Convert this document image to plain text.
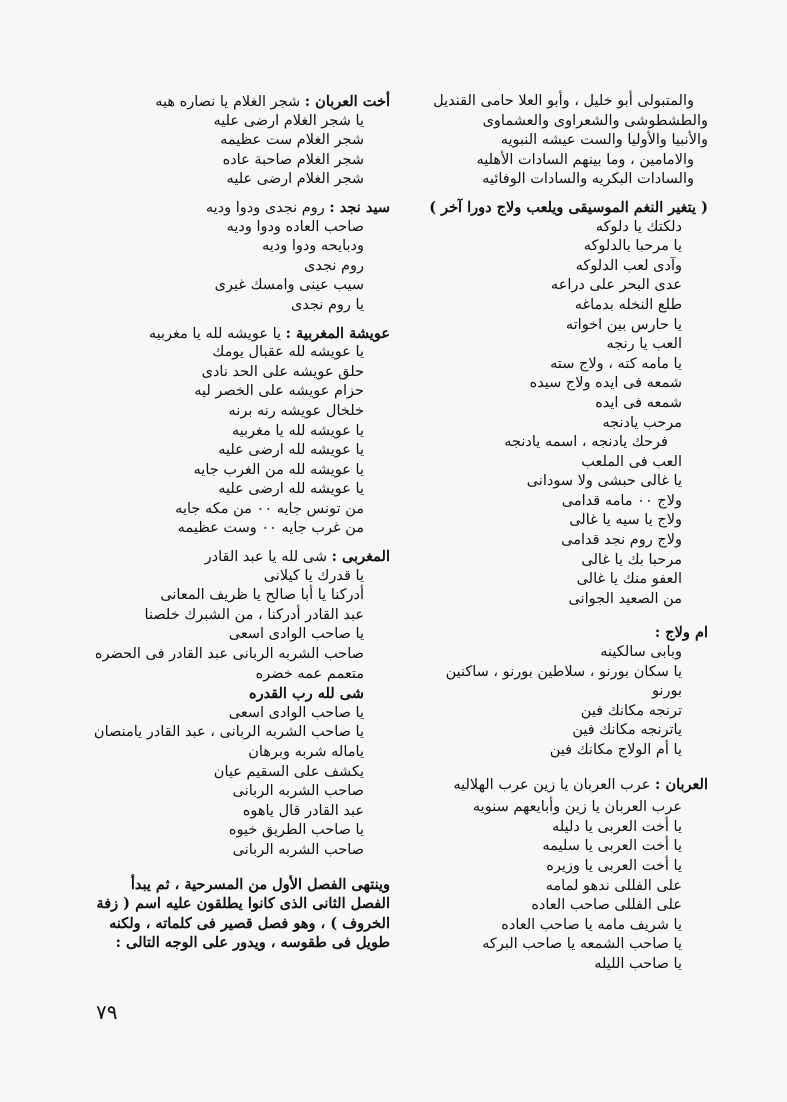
والمتبولى أبو خليل ، وأبو العلا حامى القنديل
والطشطوشى والشعراوى والعشماوى
والأنبيا والأوليا والست عيشه النبويه
والامامين ، وما بينهم السادات الأهليه
والسادات البكريه والسادات الوفائيه
( يتغير النغم الموسيقى ويلعب ولاج دورا آخر )
دلكتك يا دلوكه
يا مرحبا بالدلوكه
وآدى لعب الدلوكه
عدى البحر على دراعه
طلع النخله بدماغه
يا حارس بين اخواته
العب يا رنجه
يا مامه كته ، ولاج سته
شمعه فى ايده ولاج سيده
شمعه فى ايده
مرحب يادنجه
فرحك يادنجه ، اسمه يادنجه
العب فى الملعب
يا غالى حبشى ولا سودانى
ولاج ٠٠ مامه قدامى
ولاج يا سيه يا غالى
ولاج روم نجد قدامى
مرحبا بك يا غالى
العفو منك يا غالى
من الصعيد الجوانى
ام ولاج :
وبابى سالكينه
يا سكان بورنو ، سلاطين بورنو ، ساكنين
بورنو
ترنجه مكانك فين
ياترنجه مكانك فين
يا أم الولاج مكانك فين
العربان : عرب العربان يا زين عرب الهلاليه
عرب العربان يا زين وأبايعهم سنويه
يا أخت العربى يا دليله
يا أخت العربى يا سليمه
يا أخت العربى يا وزيره
على الفللى ندهو لمامه
على الفللى صاحب العاده
يا شريف مامه يا صاحب العاده
يا صاحب الشمعه يا صاحب البركه
يا صاحب الليله
أخت العربان : شجر الغلام يا نصاره هيه
يا شجر الغلام ارضى عليه
شجر الغلام ست عظيمه
شجر الغلام صاحبة عاده
شجر الغلام ارضى عليه
سيد نجد : روم نجدى ودوا وديه
صاحب العاده ودوا وديه
ودبايحه ودوا وديه
روم نجدى
سيب عينى وامسك غيرى
يا روم نجدى
عويشة المغربية : يا عويشه لله يا مغربيه
يا عويشه لله عقبال يومك
حلق عويشه على الحد نادى
حزام عويشه على الخصر ليه
خلخال عويشه رنه برنه
يا عويشه لله يا مغربيه
يا عويشه لله ارضى عليه
يا عويشه لله من الغرب جايه
يا عويشه لله ارضى عليه
من تونس جايه ٠٠ من مكه جايه
من غرب جايه ٠٠ وست عظيمه
المغربى : شى لله يا عبد القادر
يا قدرك يا كيلانى
أدركنا يا أبا صالح يا ظريف المعانى
عبد القادر أدركنا ، من الشبرك خلصنا
يا صاحب الوادى اسعى
صاحب الشربه الربانى عبد القادر فى الحضره
متعمم عمه خضره
شى لله رب القدره
يا صاحب الوادى اسعى
يا صاحب الشربه الربانى ، عبد القادر يامنصان
ياماله شربه وبرهان
يكشف على السقيم عيان
صاحب الشربه الربانى
عبد القادر قال ياهوه
يا صاحب الطريق خيوه
صاحب الشربه الربانى
وينتهى الفصل الأول من المسرحية ، ثم يبدأ الفصل الثانى الذى كانوا يطلقون عليه اسم ( زفة الخروف ) ، وهو فصل قصير فى كلماته ، ولكنه طويل فى طقوسه ، ويدور على الوجه التالى :
٧٩
